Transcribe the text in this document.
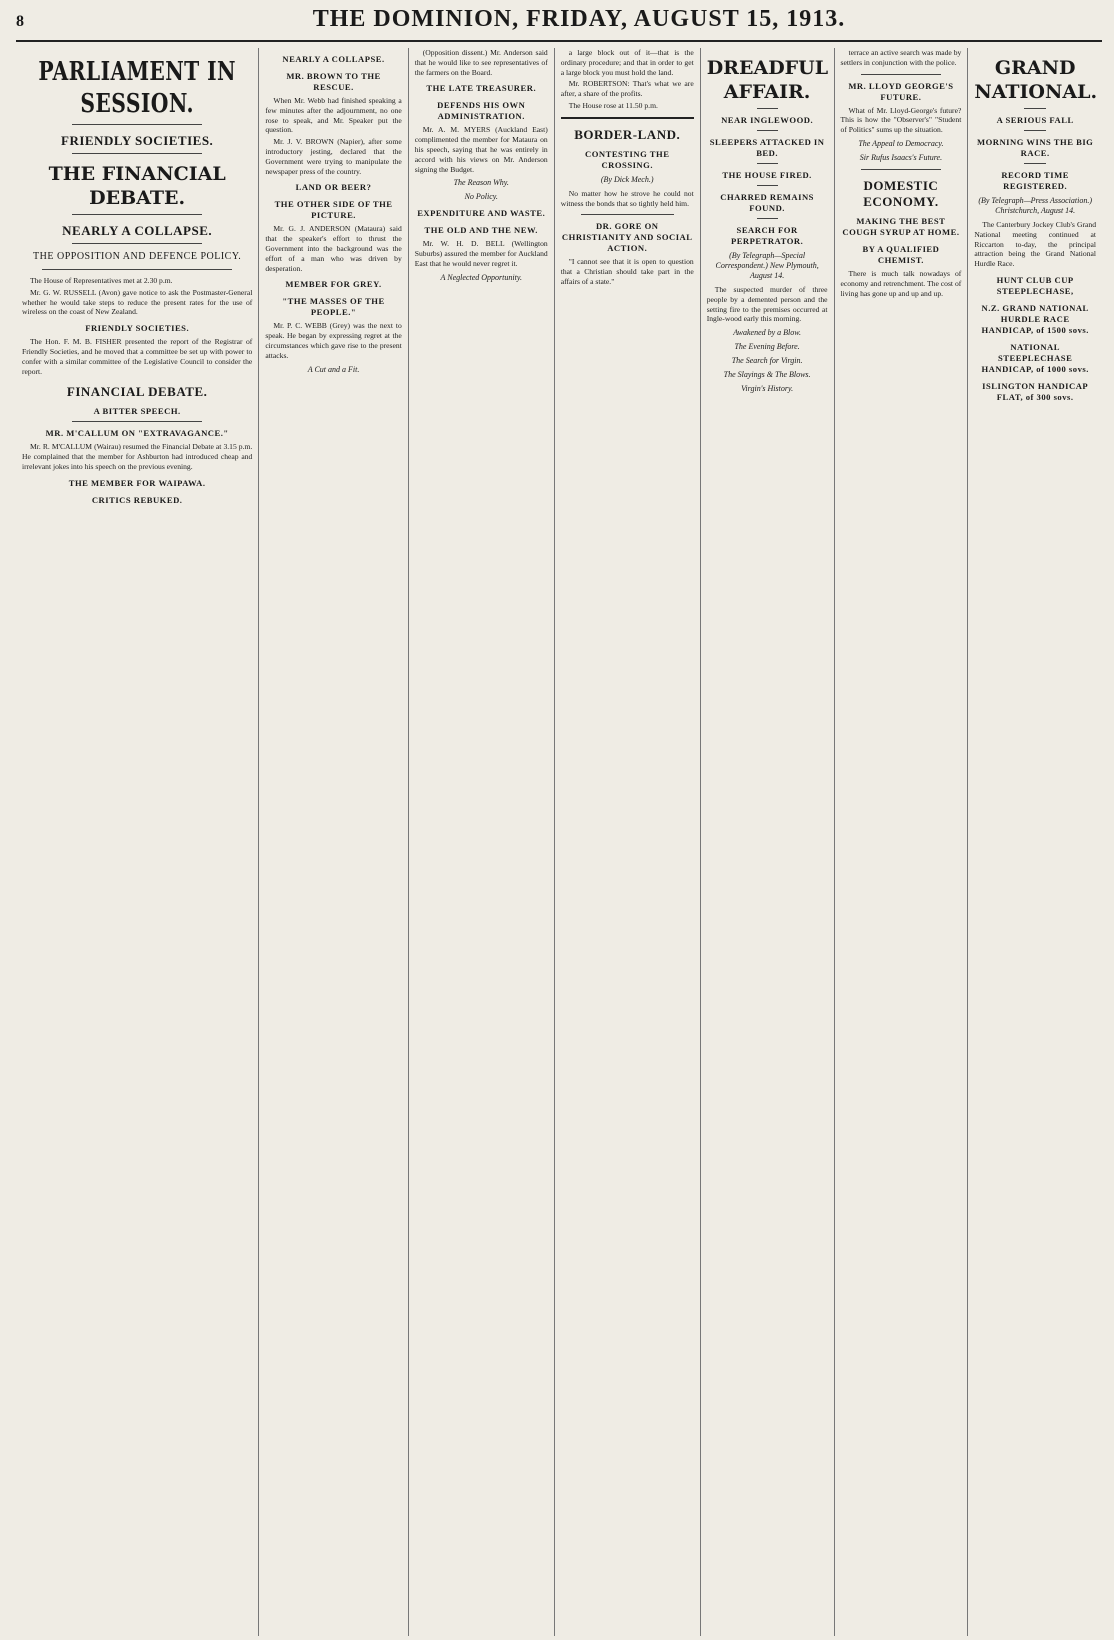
8	THE DOMINION, FRIDAY, AUGUST 15, 1913.
PARLIAMENT IN SESSION.
FRIENDLY SOCIETIES.
THE FINANCIAL DEBATE.
NEARLY A COLLAPSE.
THE OPPOSITION AND DEFENCE POLICY.

The House of Representatives met at 2.30 p.m.

Mr. G. W. RUSSELL (Avon) gave notice to ask the Postmaster-General whether he would take steps to reduce the present rates for the use of wireless on the coast of New Zealand.

FRIENDLY SOCIETIES.

The Hon. F. M. B. FISHER presented the report of the Registrar of Friendly Societies, and he moved that a committee be set up with power to confer with a similar committee of the Legislative Council to consider the report.

FINANCIAL DEBATE.
A BITTER SPEECH.
MR. M'CALLUM ON "EXTRAVAGANCE."

Mr. R. M'CALLUM (Wairau) resumed the Financial Debate at 3.15 p.m. He complained that the member for Ashburton had introduced cheap and irrelevant jokes into his speech on the previous evening.

THE MEMBER FOR WAIPAWA.
CRITICS REBUKED.
NEARLY A COLLAPSE.
MR. BROWN TO THE RESCUE.

When Mr. Webb had finished speaking a few minutes after the adjournment, no one rose to speak, and Mr. Speaker put the question.

Mr. J. V. BROWN (Napier), after some introductory jesting, declared that the Government were trying to manipulate the newspaper press of the country.

LAND OR BEER?
THE OTHER SIDE OF THE PICTURE.

Mr. G. J. ANDERSON (Mataura) said that the speaker's effort to thrust the Government into the background was the effort of a man who was driven by desperation.

MEMBER FOR GREY.
"THE MASSES OF THE PEOPLE."

Mr. P. C. WEBB (Grey) was the next to speak. He began by expressing regret at the circumstances which gave rise to the present attacks.

A Cut and a Fit.

(Opposition dissent.) Mr. Anderson said that he would like to see representatives of the farmers on the Board.

THE LATE TREASURER.
DEFENDS HIS OWN ADMINISTRATION.

Mr. A. M. MYERS (Auckland East) complimented the member for Mataura on his speech, saying that he was entirely in accord with his views on Mr. Anderson signing the Budget.

The Reason Why.
No Policy.
EXPENDITURE AND WASTE.
THE OLD AND THE NEW.

Mr. W. H. D. BELL (Wellington Suburbs) assured the member for Auckland East that he would never regret it.

A Neglected Opportunity.

a large block out of it—that is the ordinary procedure; and that in order to get a large block you must hold the land.

Mr. ROBERTSON: That's what we are after, a share of the profits.

The House rose at 11.50 p.m.

BORDER-LAND.
CONTESTING THE CROSSING.
(By Dick Mech.)

No matter how he strove he could not witness the bonds that so tightly held him.

DR. GORE ON CHRISTIANITY AND SOCIAL ACTION.

"I cannot see that it is open to question that a Christian should take part in the affairs of a state."

DREADFUL AFFAIR.
NEAR INGLEWOOD.
SLEEPERS ATTACKED IN BED.
THE HOUSE FIRED.
CHARRED REMAINS FOUND.
SEARCH FOR PERPETRATOR.
(By Telegraph—Special Correspondent.) New Plymouth, August 14.

The suspected murder of three people by a demented person and the setting fire to the premises occurred at Ingle-wood early this morning.

Awakened by a Blow.
The Evening Before.
The Search for Virgin.
The Slayings & The Blows.
Virgin's History.

terrace an active search was made by settlers in conjunction with the police.

MR. LLOYD GEORGE'S FUTURE.

What of Mr. Lloyd-George's future? This is how the "Observer's" "Student of Politics" sums up the situation.

The Appeal to Democracy.
Sir Rufus Isaacs's Future.
DOMESTIC ECONOMY.
MAKING THE BEST COUGH SYRUP AT HOME.
BY A QUALIFIED CHEMIST.

There is much talk nowadays of economy and retrenchment. The cost of living has gone up and up and up.

GRAND NATIONAL.
A SERIOUS FALL
MORNING WINS THE BIG RACE.
RECORD TIME REGISTERED.
(By Telegraph—Press Association.) Christchurch, August 14.

The Canterbury Jockey Club's Grand National meeting continued at Riccarton to-day, the principal attraction being the Grand National Hurdle Race.

HUNT CLUB CUP STEEPLECHASE,
N.Z. GRAND NATIONAL HURDLE RACE HANDICAP, of 1500 sovs.
NATIONAL STEEPLECHASE HANDICAP, of 1000 sovs.
ISLINGTON HANDICAP FLAT, of 300 sovs.
